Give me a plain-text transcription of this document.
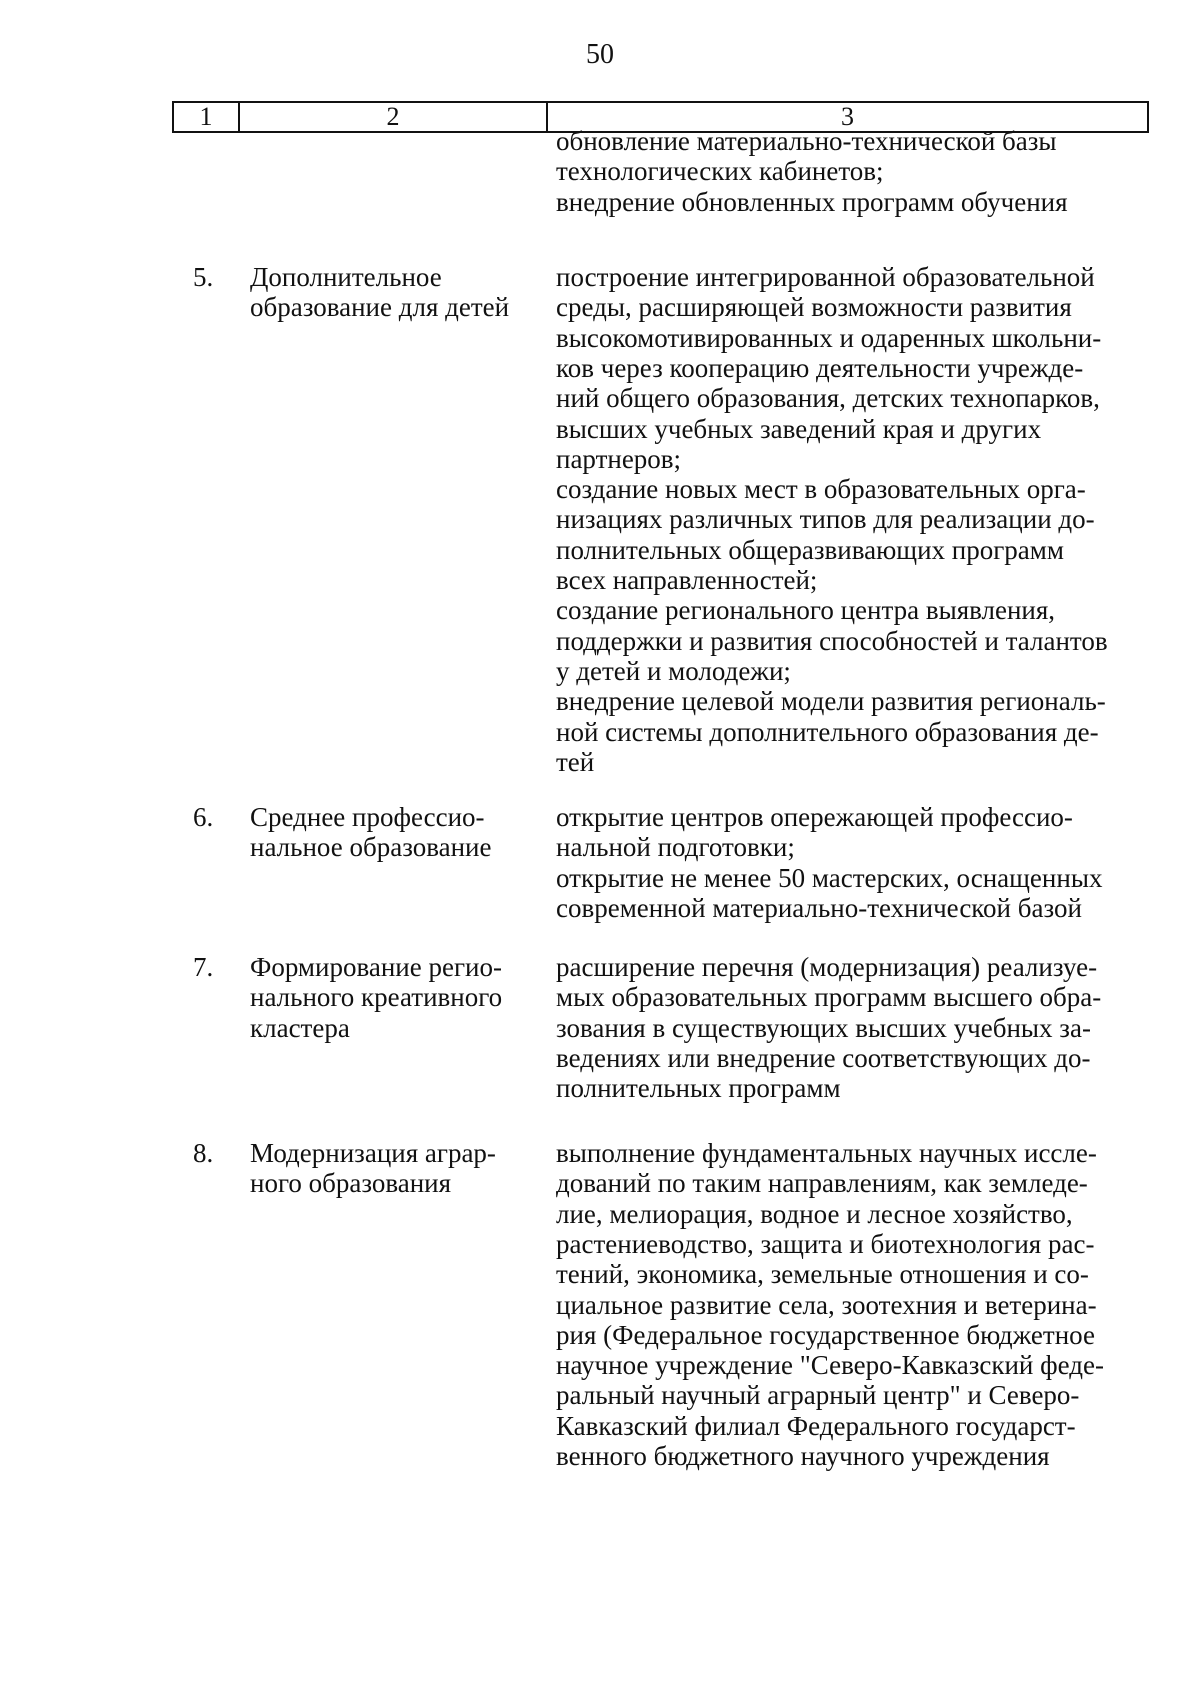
50
1	2	3
обновление материально-технической базы
технологических кабинетов;
внедрение обновленных программ обучения
5. Дополнительное
образование для детей
построение интегрированной образовательной
среды, расширяющей возможности развития
высокомотивированных и одаренных школьни-
ков через кооперацию деятельности учрежде-
ний общего образования, детских технопарков,
высших учебных заведений края и других
партнеров;
создание новых мест в образовательных орга-
низациях различных типов для реализации до-
полнительных общеразвивающих программ
всех направленностей;
создание регионального центра выявления,
поддержки и развития способностей и талантов
у детей и молодежи;
внедрение целевой модели развития региональ-
ной системы дополнительного образования де-
тей
6. Среднее профессио-
нальное образование
открытие центров опережающей профессио-
нальной подготовки;
открытие не менее 50 мастерских, оснащенных
современной материально-технической базой
7. Формирование регио-
нального креативного
кластера
расширение перечня (модернизация) реализуе-
мых образовательных программ высшего обра-
зования в существующих высших учебных за-
ведениях или внедрение соответствующих до-
полнительных программ
8. Модернизация аграр-
ного образования
выполнение фундаментальных научных иссле-
дований по таким направлениям, как земледе-
лие, мелиорация, водное и лесное хозяйство,
растениеводство, защита и биотехнология рас-
тений, экономика, земельные отношения и со-
циальное развитие села, зоотехния и ветерина-
рия (Федеральное государственное бюджетное
научное учреждение "Северо-Кавказский феде-
ральный научный аграрный центр" и Северо-
Кавказский филиал Федерального государст-
венного бюджетного научного учреждения
